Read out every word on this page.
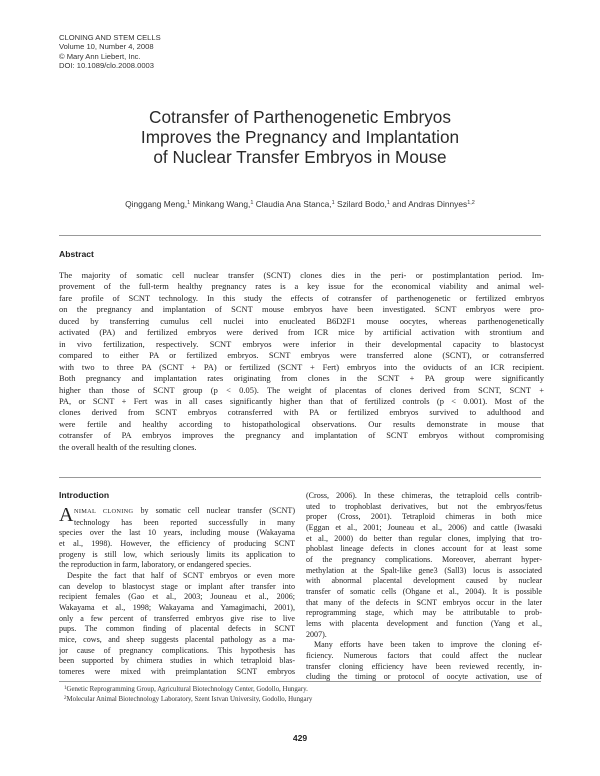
CLONING AND STEM CELLS
Volume 10, Number 4, 2008
© Mary Ann Liebert, Inc.
DOI: 10.1089/clo.2008.0003
Cotransfer of Parthenogenetic Embryos
Improves the Pregnancy and Implantation
of Nuclear Transfer Embryos in Mouse
Qinggang Meng,$^1$ Minkang Wang,$^1$ Claudia Ana Stanca,$^1$ Szilard Bodo,$^1$ and Andras Dinnyes$^{1,2}$
Abstract
The majority of somatic cell nuclear transfer (SCNT) clones dies in the peri- or postimplantation period. Im-
provement of the full-term healthy pregnancy rates is a key issue for the economical viability and animal wel-
fare profile of SCNT technology. In this study the effects of cotransfer of parthenogenetic or fertilized embryos
on the pregnancy and implantation of SCNT mouse embryos have been investigated. SCNT embryos were pro-
duced by transferring cumulus cell nuclei into enucleated B6D2F1 mouse oocytes, whereas parthenogenetically
activated (PA) and fertilized embryos were derived from ICR mice by artificial activation with strontium and
in vivo fertilization, respectively. SCNT embryos were inferior in their developmental capacity to blastocyst
compared to either PA or fertilized embryos. SCNT embryos were transferred alone (SCNT), or cotransferred
with two to three PA (SCNT + PA) or fertilized (SCNT + Fert) embryos into the oviducts of an ICR recipient.
Both pregnancy and implantation rates originating from clones in the SCNT + PA group were significantly
higher than those of SCNT group (p < 0.05). The weight of placentas of clones derived from SCNT, SCNT +
PA, or SCNT + Fert was in all cases significantly higher than that of fertilized controls (p < 0.001). Most of the
clones derived from SCNT embryos cotransferred with PA or fertilized embryos survived to adulthood and
were fertile and healthy according to histopathological observations. Our results demonstrate in mouse that
cotransfer of PA embryos improves the pregnancy and implantation of SCNT embryos without compromising
the overall health of the resulting clones.
Introduction
A NIMAL CLONING by somatic cell nuclear transfer (SCNT)
technology has been reported successfully in many
species over the last 10 years, including mouse (Wakayama
et al., 1998). However, the efficiency of producing SCNT
progeny is still low, which seriously limits its application to
the reproduction in farm, laboratory, or endangered species.
Despite the fact that half of SCNT embryos or even more
can develop to blastocyst stage or implant after transfer into
recipient females (Gao et al., 2003; Jouneau et al., 2006;
Wakayama et al., 1998; Wakayama and Yamagimachi, 2001),
only a few percent of transferred embryos give rise to live
pups. The common finding of placental defects in SCNT
mice, cows, and sheep suggests placental pathology as a ma-
jor cause of pregnancy complications. This hypothesis has
been supported by chimera studies in which tetraploid blas-
tomeres were mixed with preimplantation SCNT embryos
(Cross, 2006). In these chimeras, the tetraploid cells contrib-
uted to trophoblast derivatives, but not the embryos/fetus
proper (Cross, 2001). Tetraploid chimeras in both mice
(Eggan et al., 2001; Jouneau et al., 2006) and cattle (Iwasaki
et al., 2000) do better than regular clones, implying that tro-
phoblast lineage defects in clones account for at least some
of the pregnancy complications. Moreover, aberrant hyper-
methylation at the Spalt-like gene3 (Sall3) locus is associated
with abnormal placental development caused by nuclear
transfer of somatic cells (Ohgane et al., 2004). It is possible
that many of the defects in SCNT embryos occur in the later
reprogramming stage, which may be attributable to prob-
lems with placenta development and function (Yang et al.,
2007).
Many efforts have been taken to improve the cloning ef-
ficiency. Numerous factors that could affect the nuclear
transfer cloning efficiency have been reviewed recently, in-
cluding the timing or protocol of oocyte activation, use of
$^1$Genetic Reprogramming Group, Agricultural Biotechnology Center, Godollo, Hungary.
$^2$Molecular Animal Biotechnology Laboratory, Szent Istvan University, Godollo, Hungary
429
